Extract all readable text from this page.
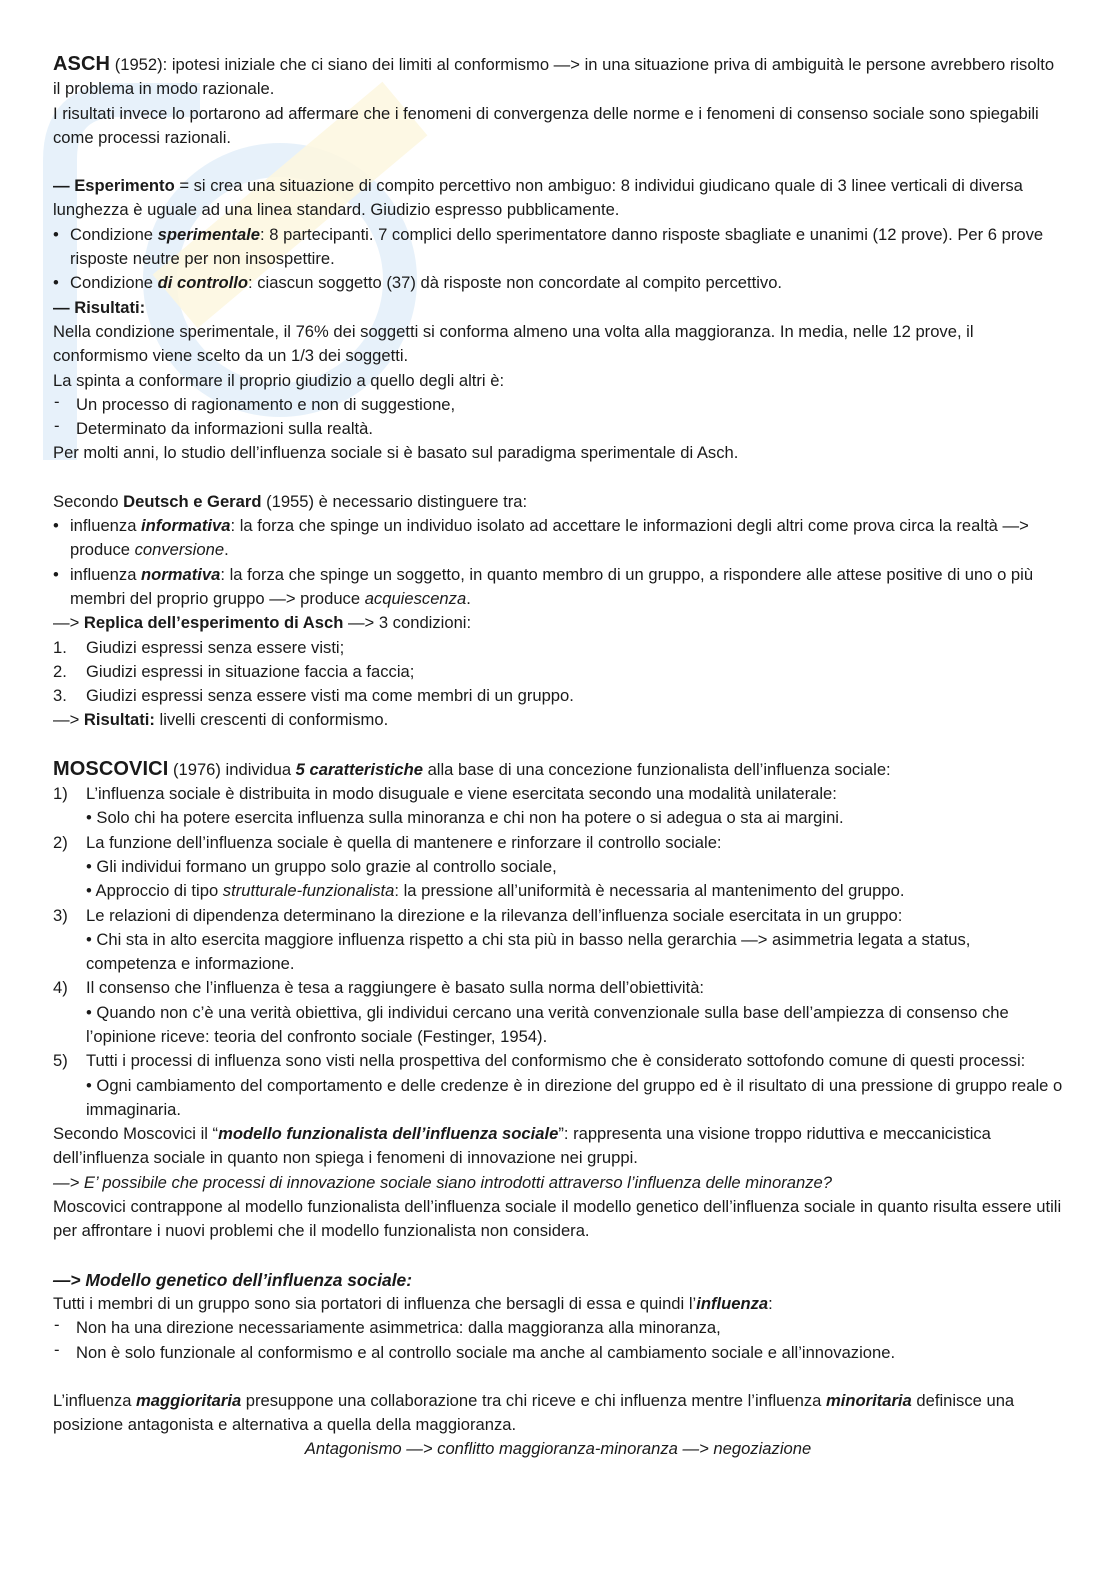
ASCH (1952): ipotesi iniziale che ci siano dei limiti al conformismo —> in una situazione priva di ambiguità le persone avrebbero risolto il problema in modo razionale.

I risultati invece lo portarono ad affermare che i fenomeni di convergenza delle norme e i fenomeni di consenso sociale sono spiegabili come processi razionali.

— Esperimento = si crea una situazione di compito percettivo non ambiguo: 8 individui giudicano quale di 3 linee verticali di diversa lunghezza è uguale ad una linea standard. Giudizio espresso pubblicamente.

• Condizione sperimentale: 8 partecipanti. 7 complici dello sperimentatore danno risposte sbagliate e unanimi (12 prove). Per 6 prove risposte neutre per non insospettire.
• Condizione di controllo: ciascun soggetto (37) dà risposte non concordate al compito percettivo.

— Risultati:

Nella condizione sperimentale, il 76% dei soggetti si conforma almeno una volta alla maggioranza. In media, nelle 12 prove, il conformismo viene scelto da un 1/3 dei soggetti.

La spinta a conformare il proprio giudizio a quello degli altri è:

- Un processo di ragionamento e non di suggestione,
- Determinato da informazioni sulla realtà.

Per molti anni, lo studio dell’influenza sociale si è basato sul paradigma sperimentale di Asch.

Secondo Deutsch e Gerard (1955) è necessario distinguere tra:

• influenza informativa: la forza che spinge un individuo isolato ad accettare le informazioni degli altri come prova circa la realtà —> produce conversione.
• influenza normativa: la forza che spinge un soggetto, in quanto membro di un gruppo, a rispondere alle attese positive di uno o più membri del proprio gruppo —> produce acquiescenza.

—> Replica dell’esperimento di Asch —> 3 condizioni:

1. Giudizi espressi senza essere visti;
2. Giudizi espressi in situazione faccia a faccia;
3. Giudizi espressi senza essere visti ma come membri di un gruppo.

—> Risultati: livelli crescenti di conformismo.

MOSCOVICI (1976) individua 5 caratteristiche alla base di una concezione funzionalista dell’influenza sociale:

1) L’influenza sociale è distribuita in modo disuguale e viene esercitata secondo una modalità unilaterale:
• Solo chi ha potere esercita influenza sulla minoranza e chi non ha potere o si adegua o sta ai margini.
2) La funzione dell’influenza sociale è quella di mantenere e rinforzare il controllo sociale:
• Gli individui formano un gruppo solo grazie al controllo sociale,
• Approccio di tipo strutturale-funzionalista: la pressione all’uniformità è necessaria al mantenimento del gruppo.
3) Le relazioni di dipendenza determinano la direzione e la rilevanza dell’influenza sociale esercitata in un gruppo:
• Chi sta in alto esercita maggiore influenza rispetto a chi sta più in basso nella gerarchia —> asimmetria legata a status, competenza e informazione.
4) Il consenso che l’influenza è tesa a raggiungere è basato sulla norma dell’obiettività:
• Quando non c’è una verità obiettiva, gli individui cercano una verità convenzionale sulla base dell’ampiezza di consenso che l’opinione riceve: teoria del confronto sociale (Festinger, 1954).
5) Tutti i processi di influenza sono visti nella prospettiva del conformismo che è considerato sottofondo comune di questi processi:
• Ogni cambiamento del comportamento e delle credenze è in direzione del gruppo ed è il risultato di una pressione di gruppo reale o immaginaria.

Secondo Moscovici il “modello funzionalista dell’influenza sociale”: rappresenta una visione troppo riduttiva e meccanicistica dell’influenza sociale in quanto non spiega i fenomeni di innovazione nei gruppi.

—> E’ possibile che processi di innovazione sociale siano introdotti attraverso l’influenza delle minoranze?

Moscovici contrappone al modello funzionalista dell’influenza sociale il modello genetico dell’influenza sociale in quanto risulta essere utili per affrontare i nuovi problemi che il modello funzionalista non considera.

—> Modello genetico dell’influenza sociale:

Tutti i membri di un gruppo sono sia portatori di influenza che bersagli di essa e quindi l’influenza:

- Non ha una direzione necessariamente asimmetrica: dalla maggioranza alla minoranza,
- Non è solo funzionale al conformismo e al controllo sociale ma anche al cambiamento sociale e all’innovazione.

L’influenza maggioritaria presuppone una collaborazione tra chi riceve e chi influenza mentre l’influenza minoritaria definisce una posizione antagonista e alternativa a quella della maggioranza.

Antagonismo —> conflitto maggioranza-minoranza —> negoziazione
